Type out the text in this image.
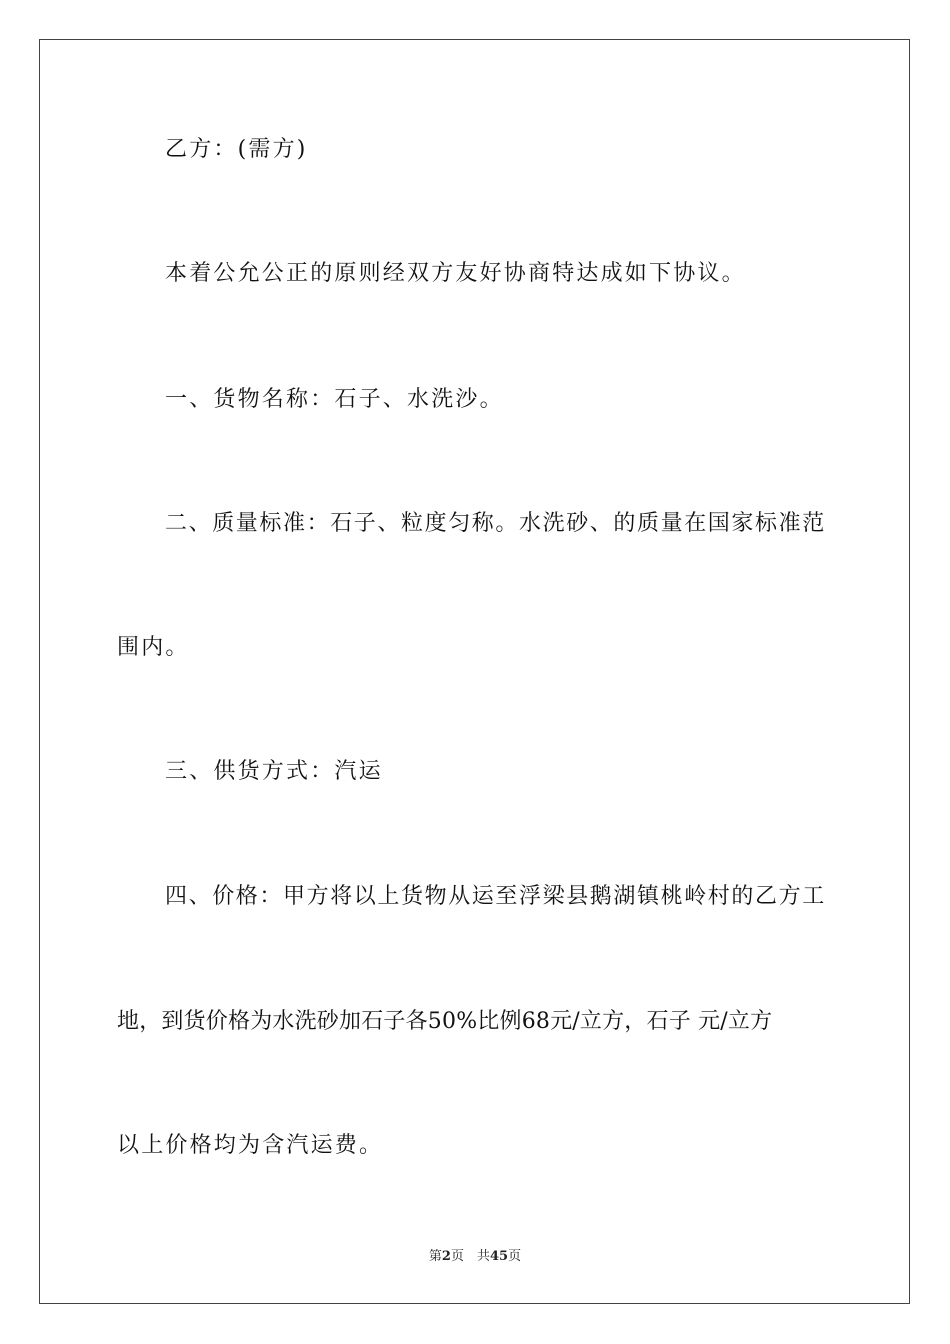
乙方：(需方)
本着公允公正的原则经双方友好协商特达成如下协议。
一、货物名称：石子、水洗沙。
二、质量标准：石子、粒度匀称。水洗砂、的质量在国家标准范
围内。
三、供货方式：汽运
四、价格：甲方将以上货物从运至浮梁县鹅湖镇桃岭村的乙方工
地，到货价格为水洗砂加石子各50%比例68元/立方，石子 元/立方
以上价格均为含汽运费。
第2页　共45页
